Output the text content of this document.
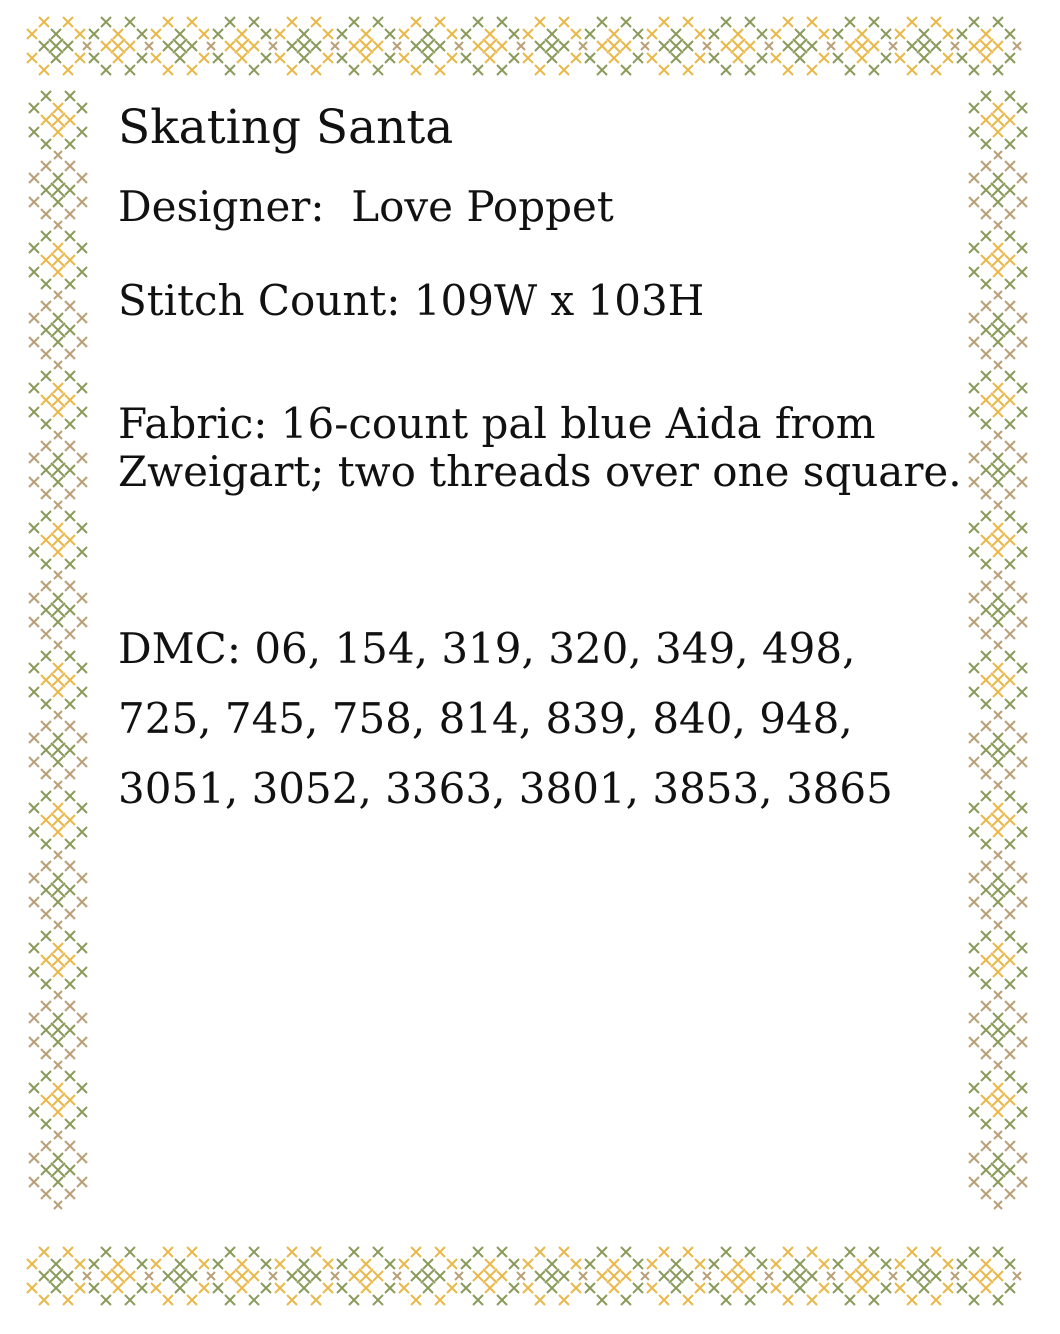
Skating Santa
Designer:  Love Poppet
Stitch Count: 109W x 103H
Fabric: 16-count pal blue Aida from
Zweigart; two threads over one square.
DMC: 06, 154, 319, 320, 349, 498,
725, 745, 758, 814, 839, 840, 948,
3051, 3052, 3363, 3801, 3853, 3865
